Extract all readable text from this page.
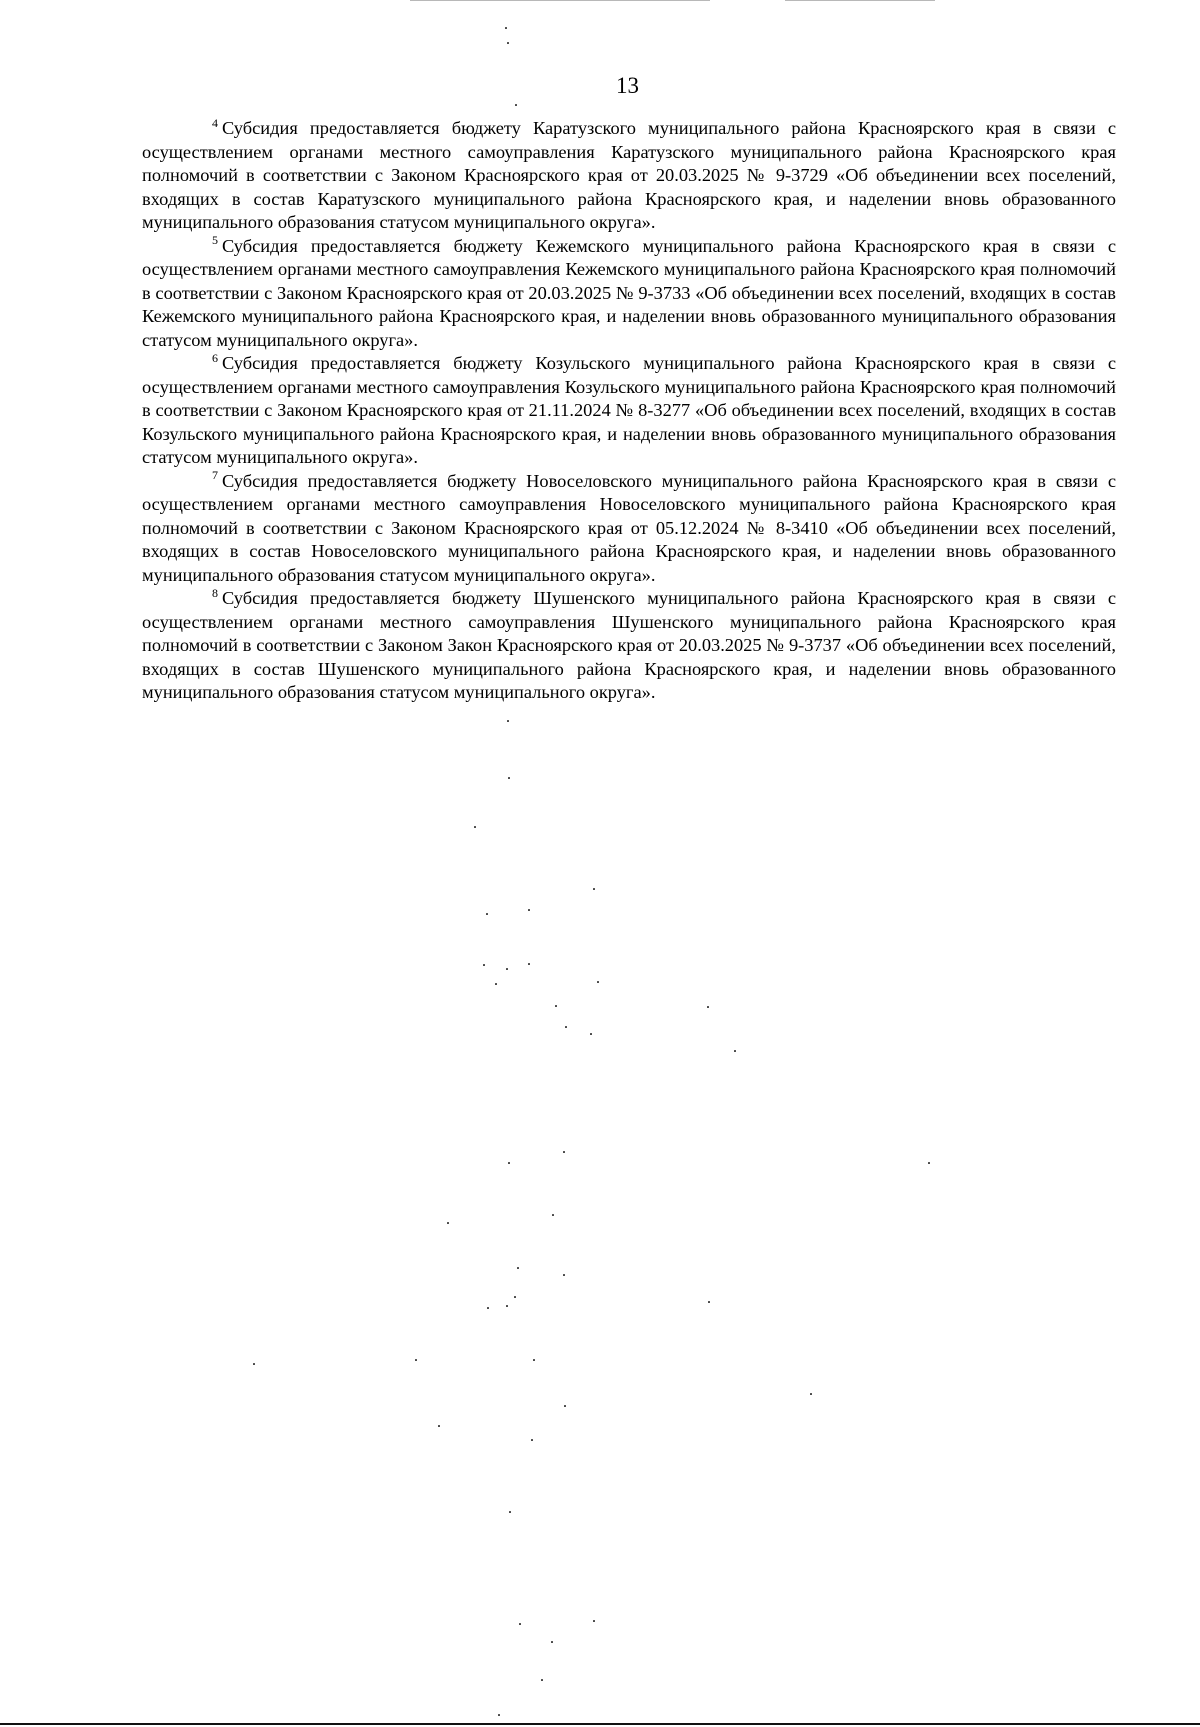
13

$^4$ Субсидия предоставляется бюджету Каратузского муниципального района Красноярского края в связи с осуществлением органами местного самоуправления Каратузского муниципального района Красноярского края полномочий в соответствии с Законом Красноярского края от 20.03.2025 № 9-3729 «Об объединении всех поселений, входящих в состав Каратузского муниципального района Красноярского края, и наделении вновь образованного муниципального образования статусом муниципального округа».

$^5$ Субсидия предоставляется бюджету Кежемского муниципального района Красноярского края в связи с осуществлением органами местного самоуправления Кежемского муниципального района Красноярского края полномочий в соответствии с Законом Красноярского края от 20.03.2025 № 9-3733 «Об объединении всех поселений, входящих в состав Кежемского муниципального района Красноярского края, и наделении вновь образованного муниципального образования статусом муниципального округа».

$^6$ Субсидия предоставляется бюджету Козульского муниципального района Красноярского края в связи с осуществлением органами местного самоуправления Козульского муниципального района Красноярского края полномочий в соответствии с Законом Красноярского края от 21.11.2024 № 8-3277 «Об объединении всех поселений, входящих в состав Козульского муниципального района Красноярского края, и наделении вновь образованного муниципального образования статусом муниципального округа».

$^7$ Субсидия предоставляется бюджету Новоселовского муниципального района Красноярского края в связи с осуществлением органами местного самоуправления Новоселовского муниципального района Красноярского края полномочий в соответствии с Законом Красноярского края от 05.12.2024 № 8-3410 «Об объединении всех поселений, входящих в состав Новоселовского муниципального района Красноярского края, и наделении вновь образованного муниципального образования статусом муниципального округа».

$^8$ Субсидия предоставляется бюджету Шушенского муниципального района Красноярского края в связи с осуществлением органами местного самоуправления Шушенского муниципального района Красноярского края полномочий в соответствии с Законом Закон Красноярского края от 20.03.2025 № 9-3737 «Об объединении всех поселений, входящих в состав Шушенского муниципального района Красноярского края, и наделении вновь образованного муниципального образования статусом муниципального округа».
